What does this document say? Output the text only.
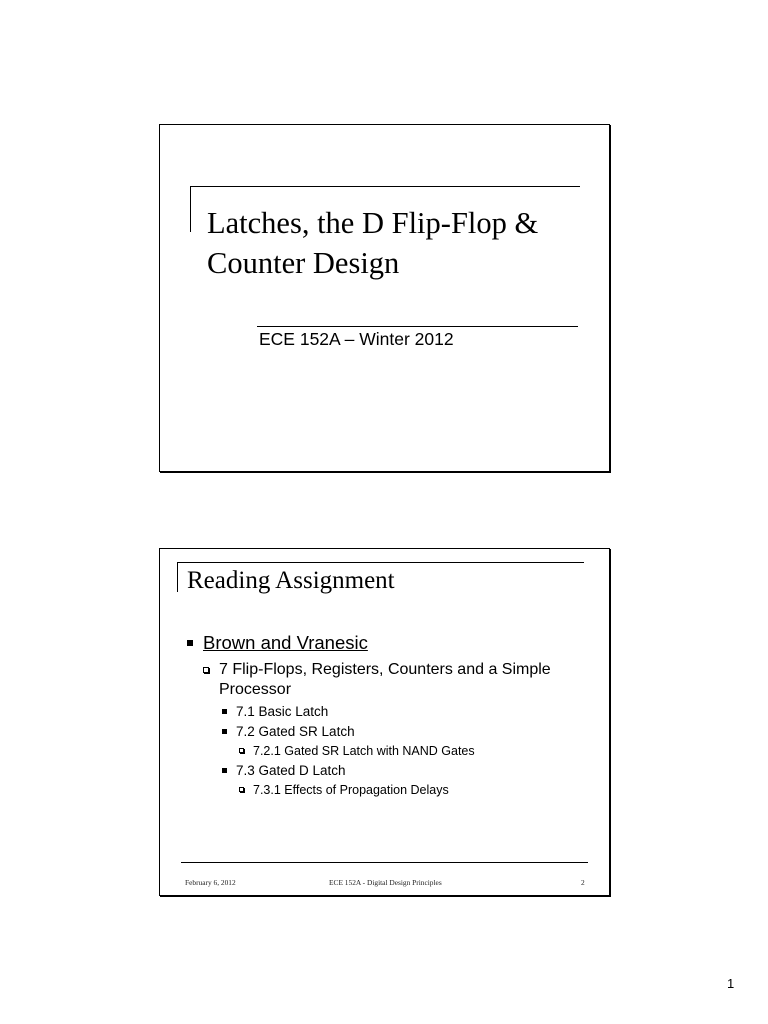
Latches, the D Flip-Flop &
Counter Design
ECE 152A – Winter 2012
Reading Assignment
Brown and Vranesic
7 Flip-Flops, Registers, Counters and a Simple Processor
7.1 Basic Latch
7.2 Gated SR Latch
7.2.1 Gated SR Latch with NAND Gates
7.3 Gated D Latch
7.3.1 Effects of Propagation Delays
February 6, 2012	ECE 152A - Digital Design Principles	2
1
